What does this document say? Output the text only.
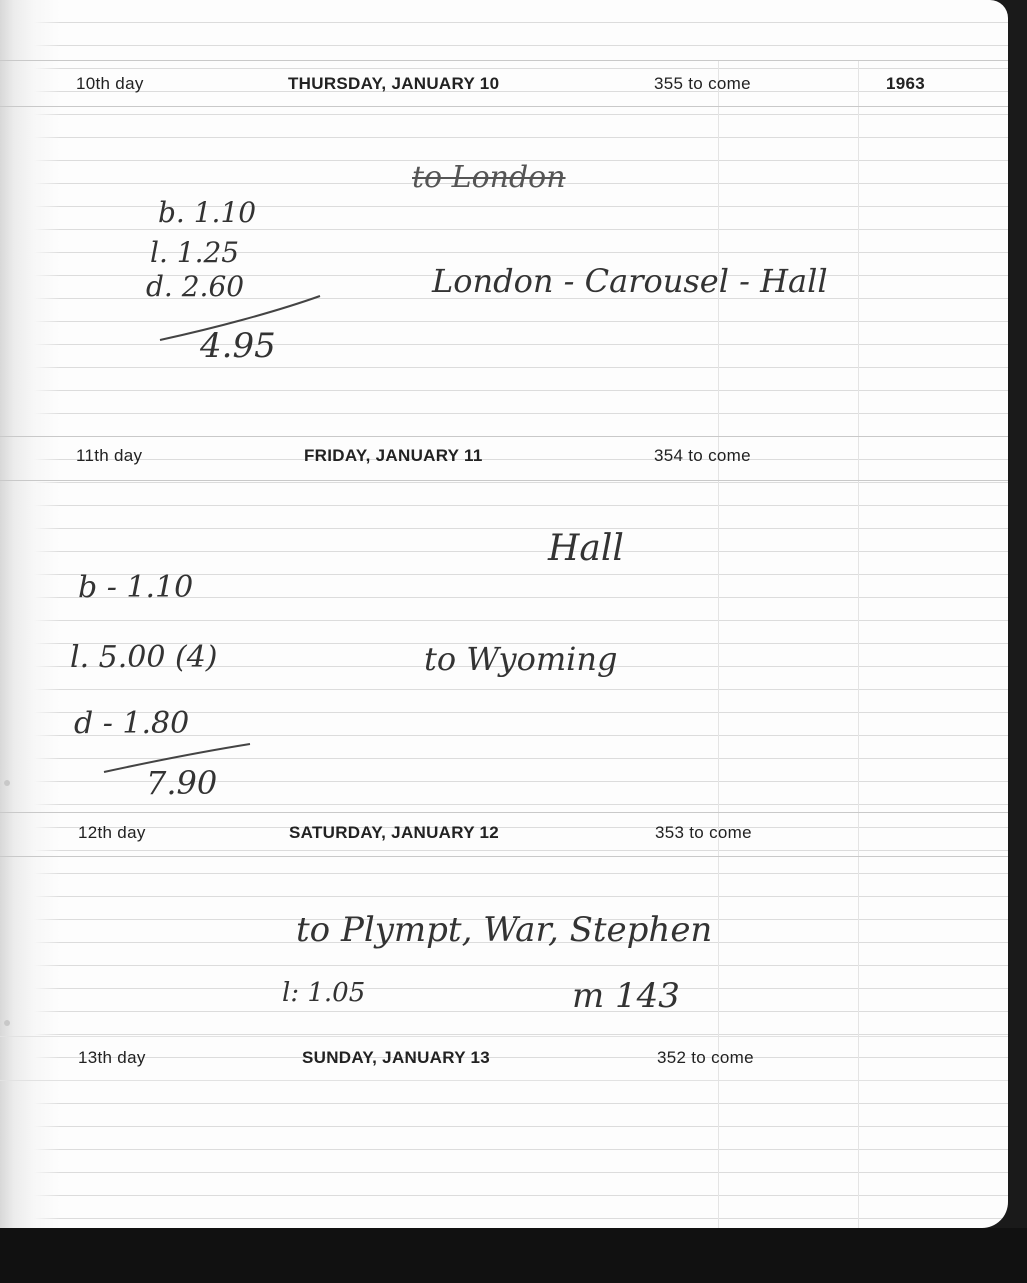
10th day	THURSDAY, JANUARY 10	355 to come	1963
to London
London - Carousel - Hall
b. 1.10
l. 1.25
d. 2.60
4.95
11th day	FRIDAY, JANUARY 11	354 to come
Hall
to Wyoming
b - 1.10
l. 5.00 (4)
d - 1.80
7.90
12th day	SATURDAY, JANUARY 12	353 to come
to Plympt, War, Stephen
l: 1.05	m 143
13th day	SUNDAY, JANUARY 13	352 to come
